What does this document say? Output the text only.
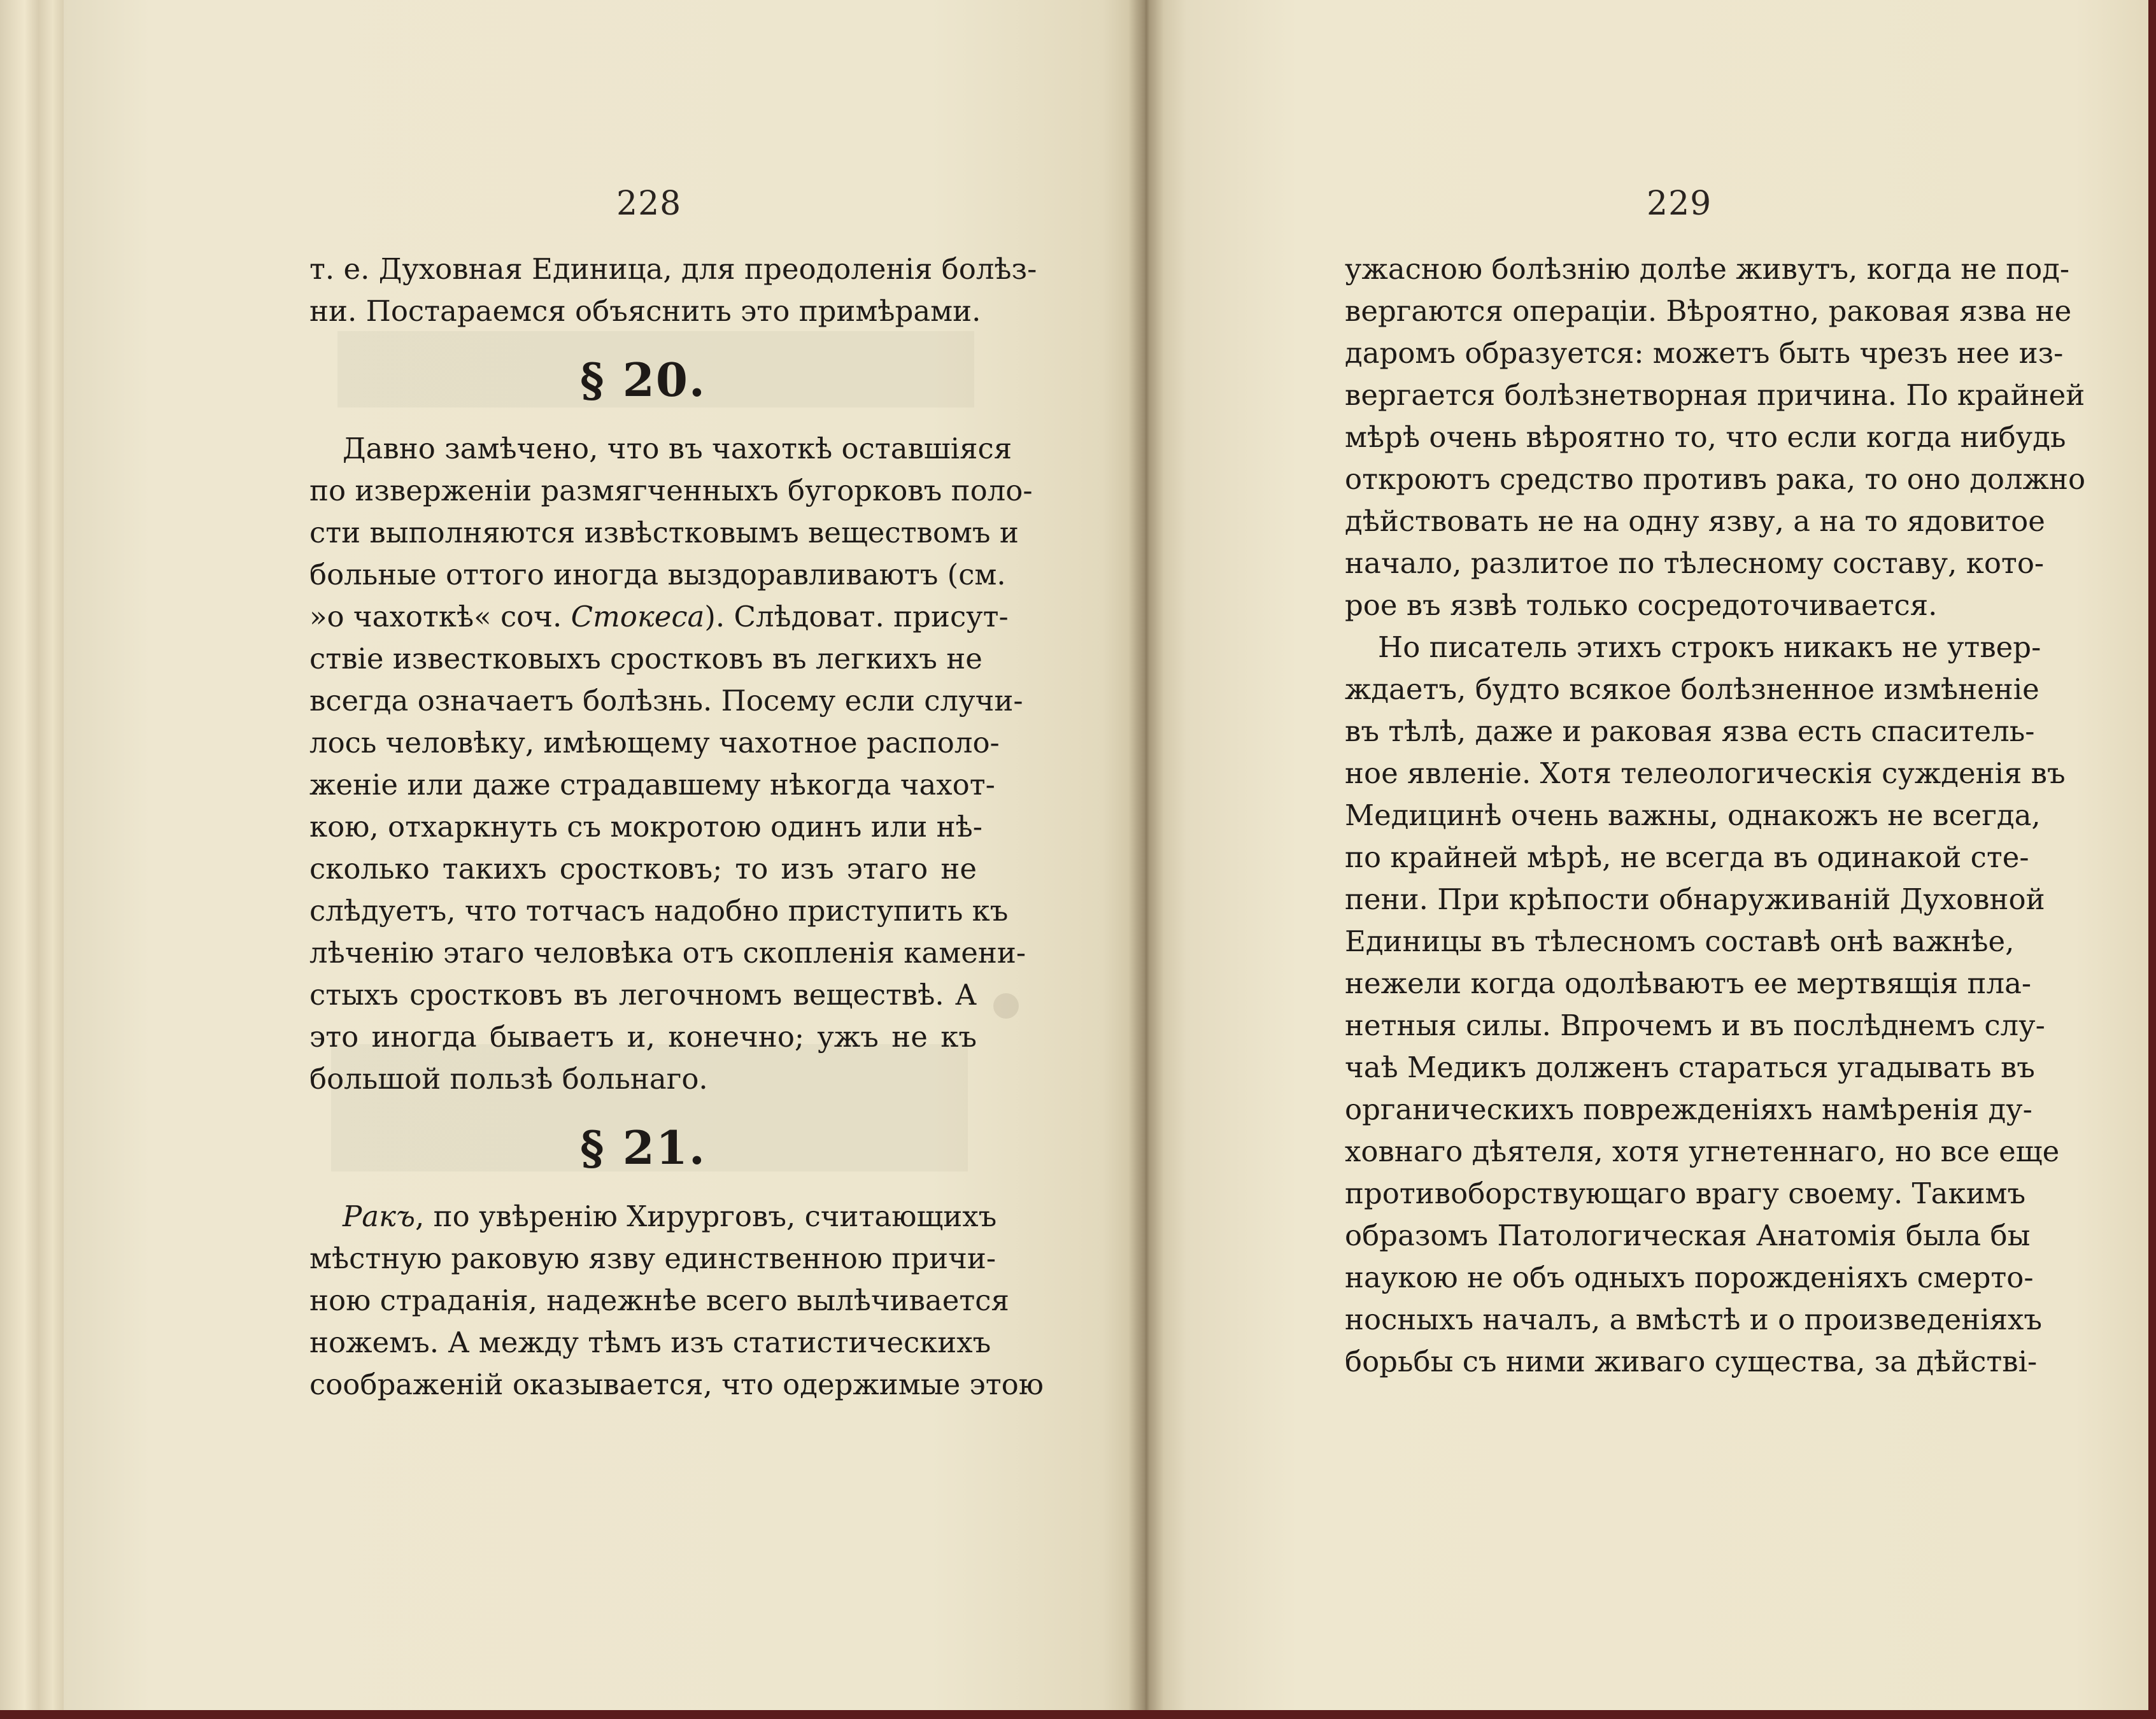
228
т. е. Духовная Единица, для преодоленія болѣз-
ни. Постараемся объяснить это примѣрами.
§ 20.
Давно замѣчено, что въ чахоткѣ оставшіяся
по изверженіи размягченныхъ бугорковъ поло-
сти выполняются извѣстковымъ веществомъ и
больные оттого иногда выздоравливаютъ (см.
»о чахоткѣ« соч. Стокеса). Слѣдоват. присут-
ствіе известковыхъ сростковъ въ легкихъ не
всегда означаетъ болѣзнь. Посему если случи-
лось человѣку, имѣющему чахотное располо-
женіе или даже страдавшему нѣкогда чахот-
кою, отхаркнуть съ мокротою одинъ или нѣ-
сколько такихъ сростковъ; то изъ этаго не
слѣдуетъ, что тотчасъ надобно приступить къ
лѣченію этаго человѣка отъ скопленія камени-
стыхъ сростковъ въ легочномъ веществѣ. А
это иногда бываетъ и, конечно; ужъ не къ
большой пользѣ больнаго.
§ 21.
Ракъ, по увѣренію Хирурговъ, считающихъ
мѣстную раковую язву единственною причи-
ною страданія, надежнѣе всего вылѣчивается
ножемъ. А между тѣмъ изъ статистическихъ
соображеній оказывается, что одержимые этою
229
ужасною болѣзнію долѣе живутъ, когда не под-
вергаются операціи. Вѣроятно, раковая язва не
даромъ образуется: можетъ быть чрезъ нее из-
вергается болѣзнетворная причина. По крайней
мѣрѣ очень вѣроятно то, что если когда нибудь
откроютъ средство противъ рака, то оно должно
дѣйствовать не на одну язву, а на то ядовитое
начало, разлитое по тѣлесному составу, кото-
рое въ язвѣ только сосредоточивается.
Но писатель этихъ строкъ никакъ не утвер-
ждаетъ, будто всякое болѣзненное измѣненіе
въ тѣлѣ, даже и раковая язва есть спаситель-
ное явленіе. Хотя телеологическія сужденія въ
Медицинѣ очень важны, однакожъ не всегда,
по крайней мѣрѣ, не всегда въ одинакой сте-
пени. При крѣпости обнаруживаній Духовной
Единицы въ тѣлесномъ составѣ онѣ важнѣе,
нежели когда одолѣваютъ ее мертвящія пла-
нетныя силы. Впрочемъ и въ послѣднемъ слу-
чаѣ Медикъ долженъ стараться угадывать въ
органическихъ поврежденіяхъ намѣренія ду-
ховнаго дѣятеля, хотя угнетеннаго, но все еще
противоборствующаго врагу своему. Такимъ
образомъ Патологическая Анатомія была бы
наукою не объ одныхъ порожденіяхъ смерто-
носныхъ началъ, а вмѣстѣ и о произведеніяхъ
борьбы съ ними живаго существа, за дѣйстві-
